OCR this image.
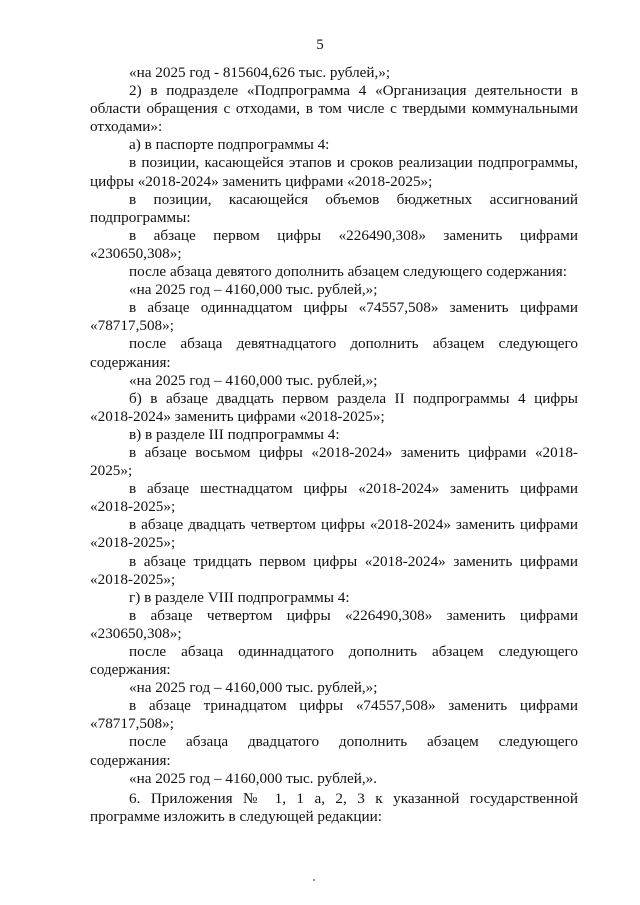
5

«на 2025 год - 815604,626 тыс. рублей,»;

2) в подразделе «Подпрограмма 4 «Организация деятельности в области обращения с отходами, в том числе с твердыми коммунальными отходами»:

а) в паспорте подпрограммы 4:

в позиции, касающейся этапов и сроков реализации подпрограммы, цифры «2018-2024» заменить цифрами «2018-2025»;

в позиции, касающейся объемов бюджетных ассигнований подпрограммы:

в абзаце первом цифры «226490,308» заменить цифрами «230650,308»;

после абзаца девятого дополнить абзацем следующего содержания:

«на 2025 год – 4160,000 тыс. рублей,»;

в абзаце одиннадцатом цифры «74557,508» заменить цифрами «78717,508»;

после абзаца девятнадцатого дополнить абзацем следующего содержания:

«на 2025 год – 4160,000 тыс. рублей,»;

б) в абзаце двадцать первом раздела II подпрограммы 4 цифры «2018-2024» заменить цифрами «2018-2025»;

в) в разделе III подпрограммы 4:

в абзаце восьмом цифры «2018-2024» заменить цифрами «2018-2025»;

в абзаце шестнадцатом цифры «2018-2024» заменить цифрами «2018-2025»;

в абзаце двадцать четвертом цифры «2018-2024» заменить цифрами «2018-2025»;

в абзаце тридцать первом цифры «2018-2024» заменить цифрами «2018-2025»;

г) в разделе VIII подпрограммы 4:

в абзаце четвертом цифры «226490,308» заменить цифрами «230650,308»;

после абзаца одиннадцатого дополнить абзацем следующего содержания:

«на 2025 год – 4160,000 тыс. рублей,»;

в абзаце тринадцатом цифры «74557,508» заменить цифрами «78717,508»;

после абзаца двадцатого дополнить абзацем следующего содержания:

«на 2025 год – 4160,000 тыс. рублей,».

6. Приложения № 1, 1 а, 2, 3 к указанной государственной программе изложить в следующей редакции:
